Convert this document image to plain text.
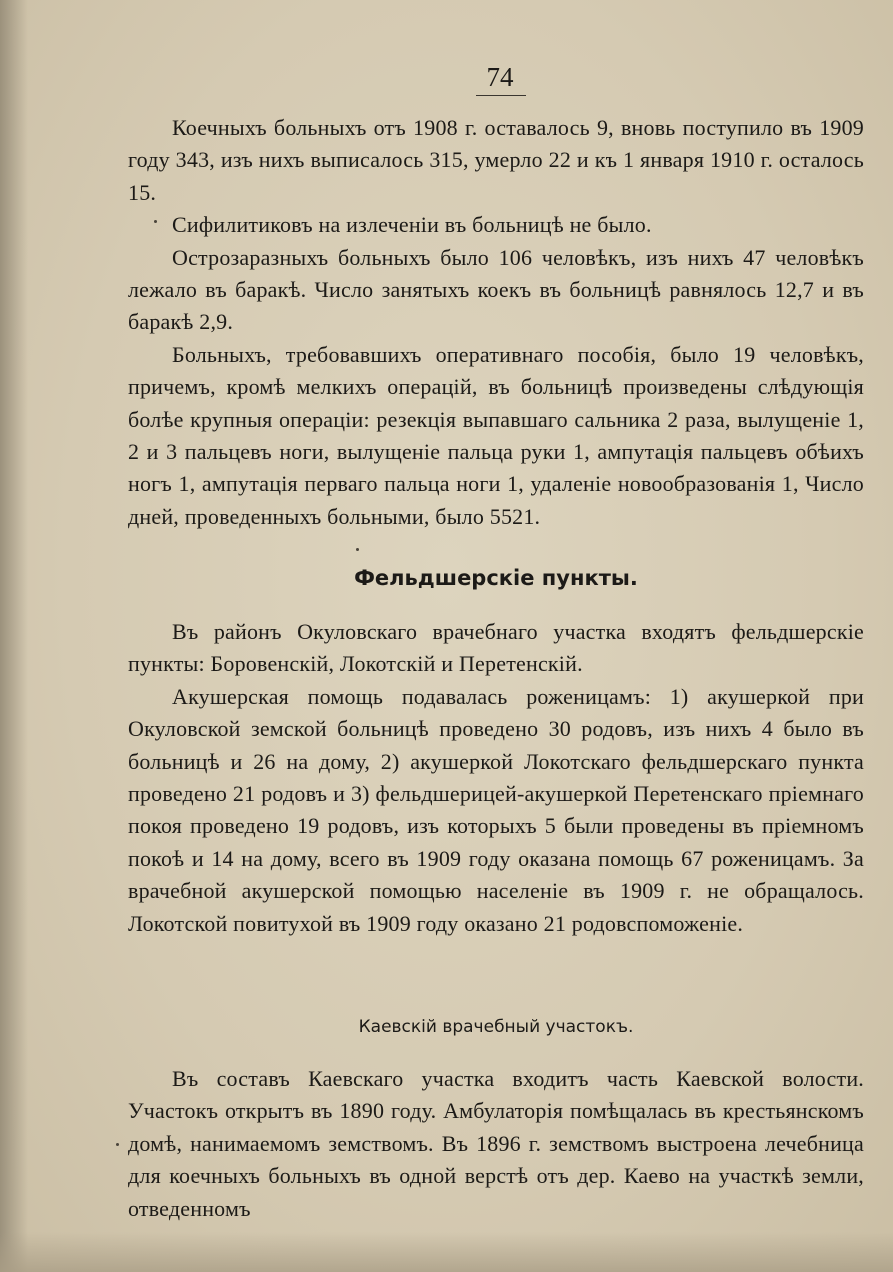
74

Коечныхъ больныхъ отъ 1908 г. оставалось 9, вновь поступило въ 1909 году 343, изъ нихъ выписалось 315, умерло 22 и къ 1 января 1910 г. осталось 15.

Сифилитиковъ на излеченіи въ больницѣ не было.

Острозаразныхъ больныхъ было 106 человѣкъ, изъ нихъ 47 человѣкъ лежало въ баракѣ. Число занятыхъ коекъ въ больницѣ равнялось 12,7 и въ баракѣ 2,9.

Больныхъ, требовавшихъ оперативнаго пособія, было 19 человѣкъ, причемъ, кромѣ мелкихъ операцій, въ больницѣ произведены слѣдующія болѣе крупныя операціи: резекція выпавшаго сальника 2 раза, вылущеніе 1, 2 и 3 пальцевъ ноги, вылущеніе пальца руки 1, ампутація пальцевъ обѣихъ ногъ 1, ампутація перваго пальца ноги 1, удаленіе новообразованія 1, Число дней, проведенныхъ больными, было 5521.

Фельдшерскіе пункты.

Въ районъ Окуловскаго врачебнаго участка входятъ фельдшерскіе пункты: Боровенскій, Локотскій и Перетенскій.

Акушерская помощь подавалась роженицамъ: 1) акушеркой при Окуловской земской больницѣ проведено 30 родовъ, изъ нихъ 4 было въ больницѣ и 26 на дому, 2) акушеркой Локотскаго фельдшерскаго пункта проведено 21 родовъ и 3) фельдшерицей-акушеркой Перетенскаго пріемнаго покоя проведено 19 родовъ, изъ которыхъ 5 были проведены въ пріемномъ покоѣ и 14 на дому, всего въ 1909 году оказана помощь 67 роженицамъ. За врачебной акушерской помощью населеніе въ 1909 г. не обращалось. Локотской повитухой въ 1909 году оказано 21 родовспоможеніе.

Каевскій врачебный участокъ.

Въ составъ Каевскаго участка входитъ часть Каевской волости. Участокъ открытъ въ 1890 году. Амбулаторія помѣщалась въ крестьянскомъ домѣ, нанимаемомъ земствомъ. Въ 1896 г. земствомъ выстроена лечебница для коечныхъ больныхъ въ одной верстѣ отъ дер. Каево на участкѣ земли, отведенномъ
